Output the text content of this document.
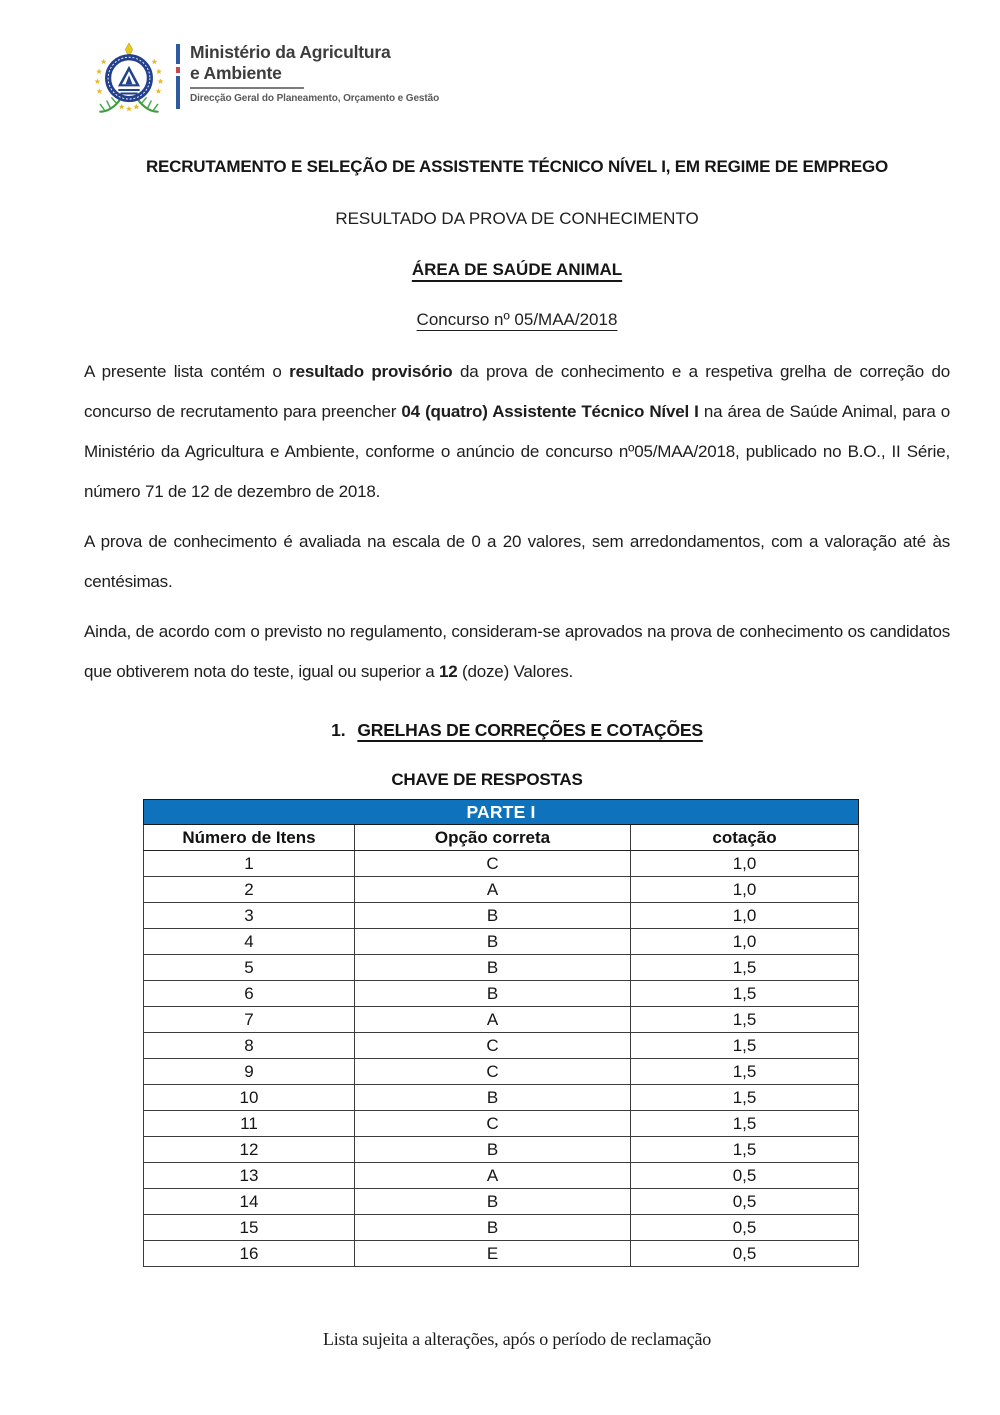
Ministério da Agricultura
e Ambiente
Direcção Geral do Planeamento, Orçamento e Gestão
RECRUTAMENTO E SELEÇÃO DE ASSISTENTE TÉCNICO NÍVEL I, EM REGIME DE EMPREGO
RESULTADO DA PROVA DE CONHECIMENTO
ÁREA DE SAÚDE ANIMAL
Concurso nº 05/MAA/2018

A presente lista contém o resultado provisório da prova de conhecimento e a respetiva grelha de correção do concurso de recrutamento para preencher 04 (quatro) Assistente Técnico Nível I na área de Saúde Animal, para o Ministério da Agricultura e Ambiente, conforme o anúncio de concurso nº05/MAA/2018, publicado no B.O., II Série, número 71 de 12 de dezembro de 2018.

A prova de conhecimento é avaliada na escala de 0 a 20 valores, sem arredondamentos, com a valoração até às centésimas.

Ainda, de acordo com o previsto no regulamento, consideram-se aprovados na prova de conhecimento os candidatos que obtiverem nota do teste, igual ou superior a 12 (doze) Valores.

1. GRELHAS DE CORREÇÕES E COTAÇÕES
CHAVE DE RESPOSTAS
PARTE I		
Número de Itens	Opção correta	cotação
1	C	1,0
2	A	1,0
3	B	1,0
4	B	1,0
5	B	1,5
6	B	1,5
7	A	1,5
8	C	1,5
9	C	1,5
10	B	1,5
11	C	1,5
12	B	1,5
13	A	0,5
14	B	0,5
15	B	0,5
16	E	0,5
Lista sujeita a alterações, após o período de reclamação
